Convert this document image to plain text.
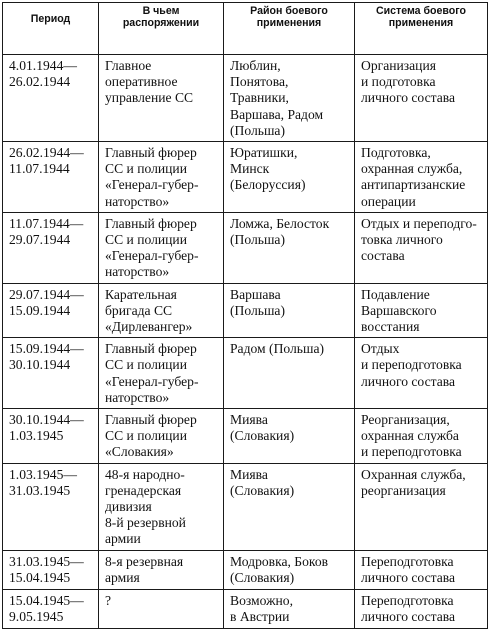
Период	В чьем
распоряжении	Район боевого
применения	Система боевого
применения
4.01.1944—
26.02.1944	Главное
оперативное
управление СС	Люблин,
Понятова,
Травники,
Варшава, Радом
(Польша)	Организация
и подготовка
личного состава
26.02.1944—
11.07.1944	Главный фюрер
СС и полиции
«Генерал-губер-
наторство»	Юратишки,
Минск
(Белоруссия)	Подготовка,
охранная служба,
антипартизанские
операции
11.07.1944—
29.07.1944	Главный фюрер
СС и полиции
«Генерал-губер-
наторство»	Ломжа, Белосток
(Польша)	Отдых и переподго-
товка личного
состава
29.07.1944—
15.09.1944	Карательная
бригада СС
«Дирлевангер»	Варшава
(Польша)	Подавление
Варшавского
восстания
15.09.1944—
30.10.1944	Главный фюрер
СС и полиции
«Генерал-губер-
наторство»	Радом (Польша)	Отдых
и переподготовка
личного состава
30.10.1944—
1.03.1945	Главный фюрер
СС и полиции
«Словакия»	Миява
(Словакия)	Реорганизация,
охранная служба
и переподготовка
1.03.1945—
31.03.1945	48-я народно-
гренадерская
дивизия
8-й резервной
армии	Миява
(Словакия)	Охранная служба,
реорганизация
31.03.1945—
15.04.1945	8-я резервная
армия	Модровка, Боков
(Словакия)	Переподготовка
личного состава
15.04.1945—
9.05.1945	?	Возможно,
в Австрии	Переподготовка
личного состава
